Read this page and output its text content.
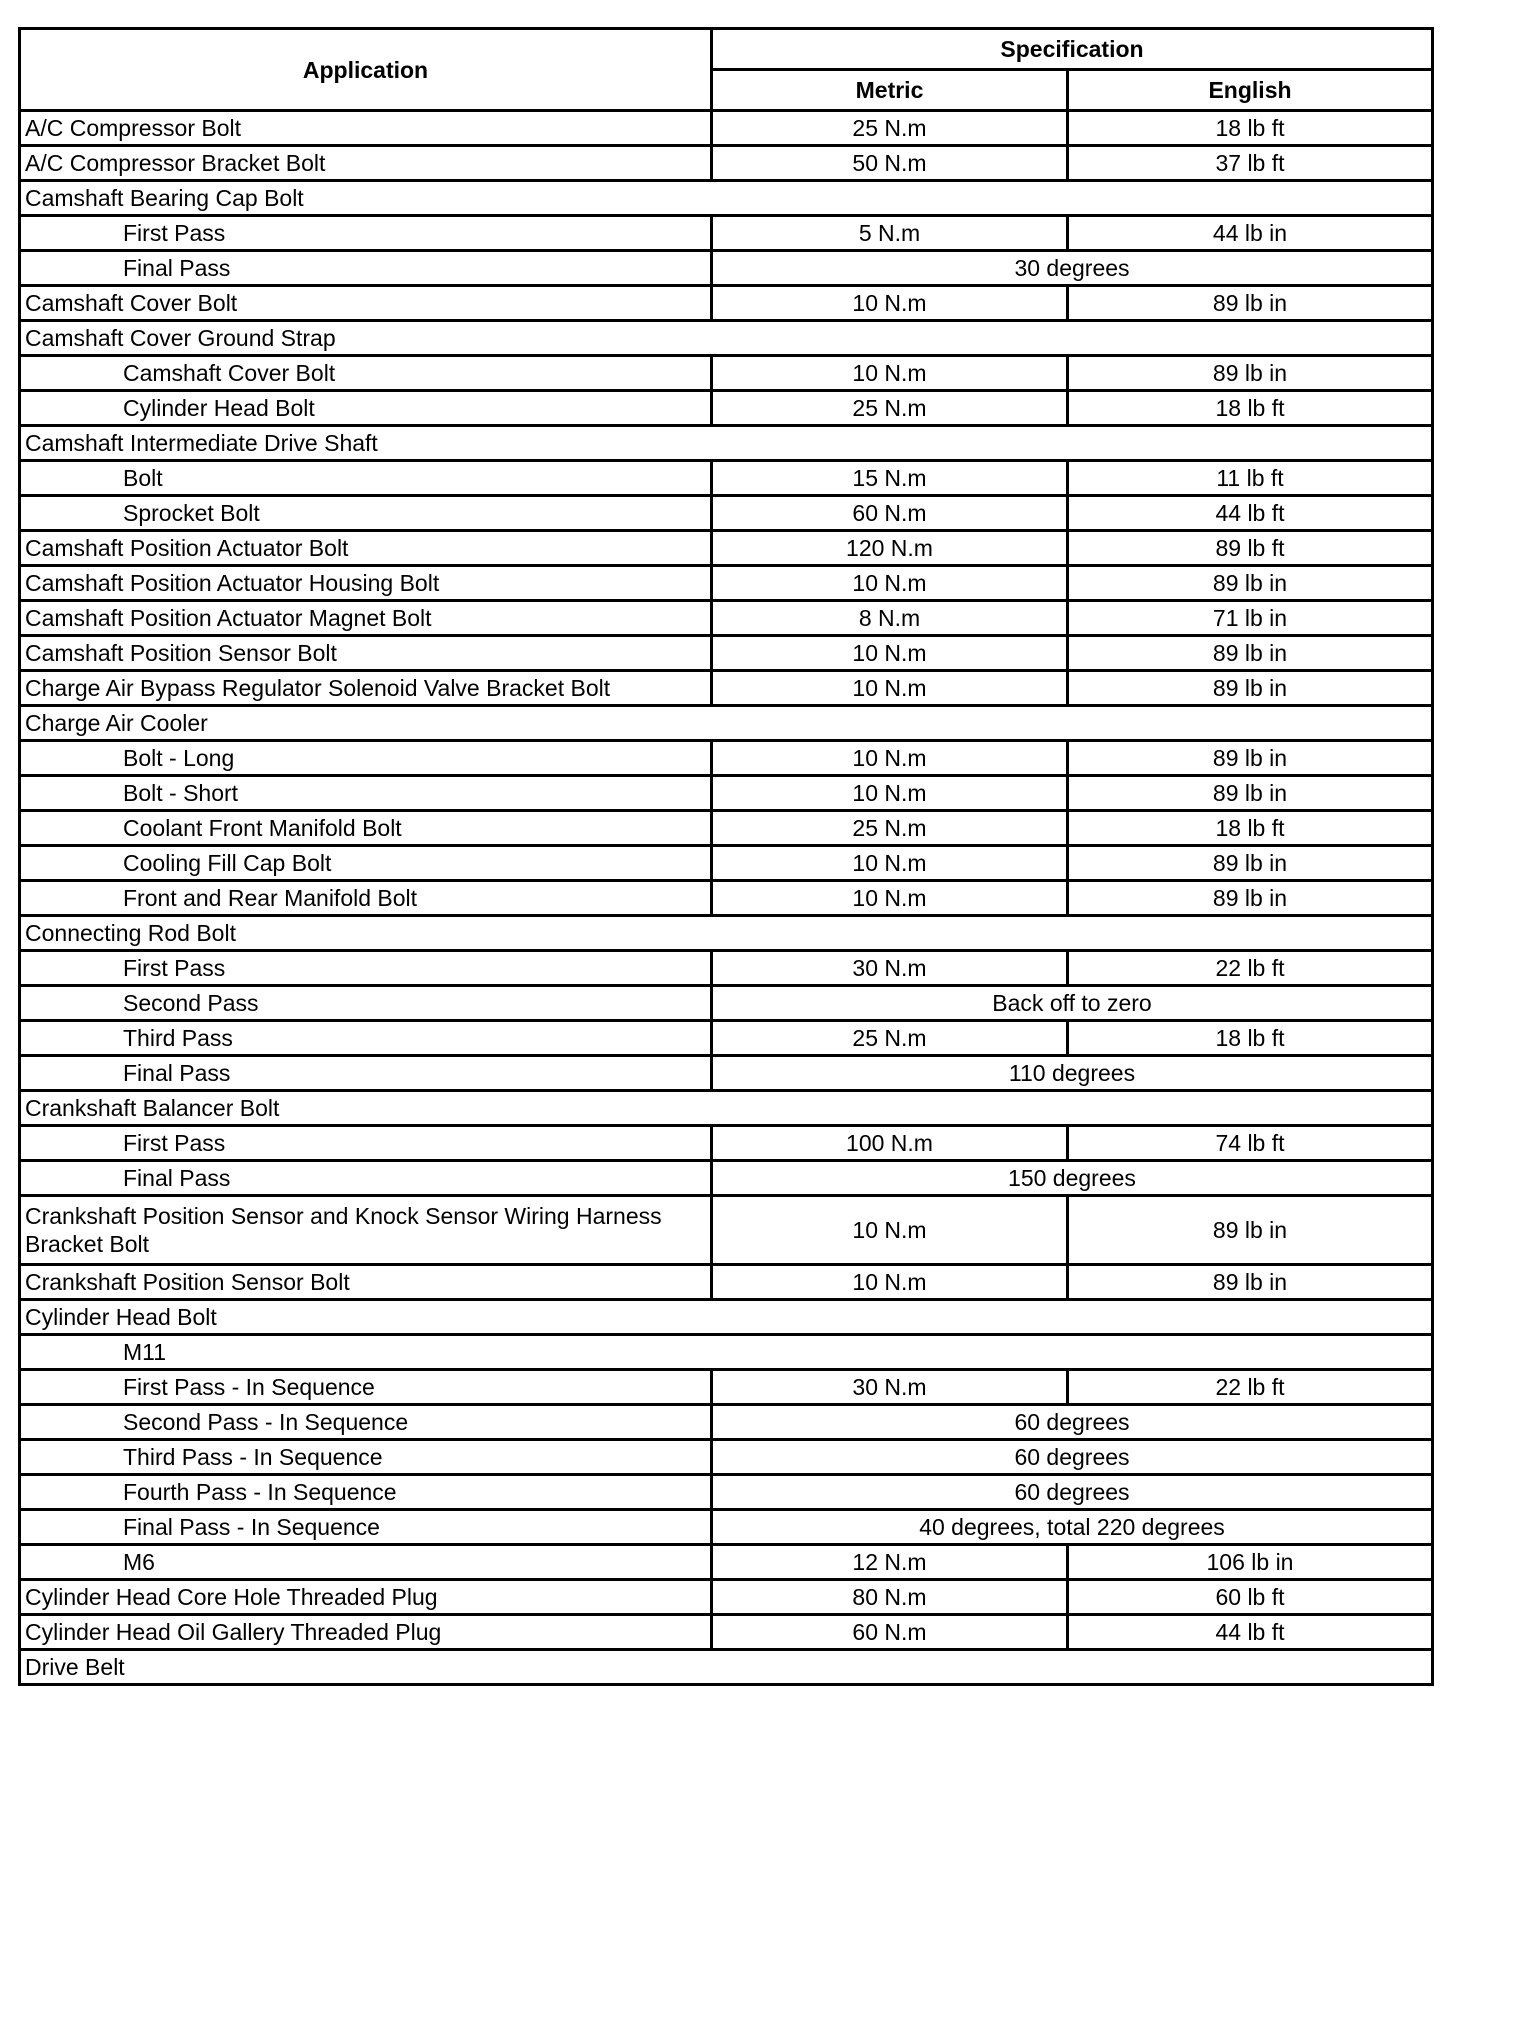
Application	Specification	
	Metric	English
A/C Compressor Bolt	25 N.m	18 lb ft
A/C Compressor Bracket Bolt	50 N.m	37 lb ft
Camshaft Bearing Cap Bolt		
First Pass	5 N.m	44 lb in
Final Pass	30 degrees	
Camshaft Cover Bolt	10 N.m	89 lb in
Camshaft Cover Ground Strap		
Camshaft Cover Bolt	10 N.m	89 lb in
Cylinder Head Bolt	25 N.m	18 lb ft
Camshaft Intermediate Drive Shaft		
Bolt	15 N.m	11 lb ft
Sprocket Bolt	60 N.m	44 lb ft
Camshaft Position Actuator Bolt	120 N.m	89 lb ft
Camshaft Position Actuator Housing Bolt	10 N.m	89 lb in
Camshaft Position Actuator Magnet Bolt	8 N.m	71 lb in
Camshaft Position Sensor Bolt	10 N.m	89 lb in
Charge Air Bypass Regulator Solenoid Valve Bracket Bolt	10 N.m	89 lb in
Charge Air Cooler		
Bolt - Long	10 N.m	89 lb in
Bolt - Short	10 N.m	89 lb in
Coolant Front Manifold Bolt	25 N.m	18 lb ft
Cooling Fill Cap Bolt	10 N.m	89 lb in
Front and Rear Manifold Bolt	10 N.m	89 lb in
Connecting Rod Bolt		
First Pass	30 N.m	22 lb ft
Second Pass	Back off to zero	
Third Pass	25 N.m	18 lb ft
Final Pass	110 degrees	
Crankshaft Balancer Bolt		
First Pass	100 N.m	74 lb ft
Final Pass	150 degrees	
Crankshaft Position Sensor and Knock Sensor Wiring Harness Bracket Bolt	10 N.m	89 lb in
Crankshaft Position Sensor Bolt	10 N.m	89 lb in
Cylinder Head Bolt		
M11		
First Pass - In Sequence	30 N.m	22 lb ft
Second Pass - In Sequence	60 degrees	
Third Pass - In Sequence	60 degrees	
Fourth Pass - In Sequence	60 degrees	
Final Pass - In Sequence	40 degrees, total 220 degrees	
M6	12 N.m	106 lb in
Cylinder Head Core Hole Threaded Plug	80 N.m	60 lb ft
Cylinder Head Oil Gallery Threaded Plug	60 N.m	44 lb ft
Drive Belt		
